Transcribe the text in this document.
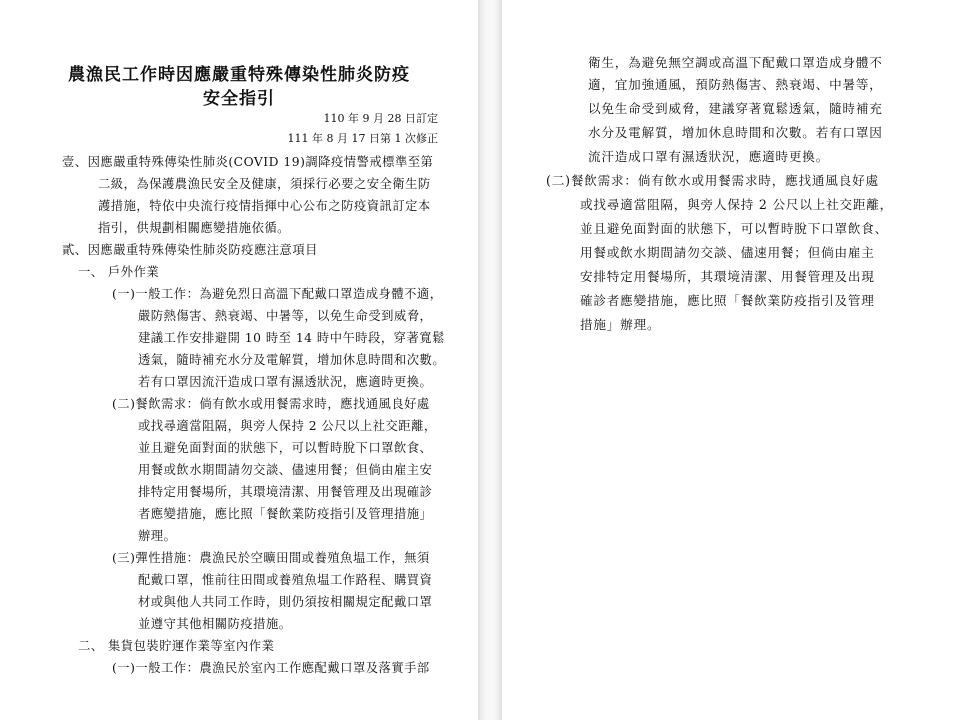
農漁民工作時因應嚴重特殊傳染性肺炎防疫
安全指引
110 年 9 月 28 日訂定
111 年 8 月 17 日第 1 次修正
壹、因應嚴重特殊傳染性肺炎(COVID 19)調降疫情警戒標準至第
二級，為保護農漁民安全及健康，須採行必要之安全衛生防
護措施，特依中央流行疫情指揮中心公布之防疫資訊訂定本
指引，供規劃相關應變措施依循。
貳、因應嚴重特殊傳染性肺炎防疫應注意項目
一、 戶外作業
(一)一般工作：為避免烈日高溫下配戴口罩造成身體不適，
嚴防熱傷害、熱衰竭、中暑等，以免生命受到威脅，
建議工作安排避開 10 時至 14 時中午時段，穿著寬鬆
透氣，隨時補充水分及電解質，增加休息時間和次數。
若有口罩因流汗造成口罩有濕透狀況，應適時更換。
(二)餐飲需求：倘有飲水或用餐需求時，應找通風良好處
或找尋適當阻隔，與旁人保持 2 公尺以上社交距離，
並且避免面對面的狀態下，可以暫時脫下口罩飲食、
用餐或飲水期間請勿交談、儘速用餐；但倘由雇主安
排特定用餐場所，其環境清潔、用餐管理及出現確診
者應變措施，應比照「餐飲業防疫指引及管理措施」
辦理。
(三)彈性措施：農漁民於空曠田間或養殖魚塭工作，無須
配戴口罩，惟前往田間或養殖魚塭工作路程、購買資
材或與他人共同工作時，則仍須按相關規定配戴口罩
並遵守其他相關防疫措施。
二、 集貨包裝貯運作業等室內作業
(一)一般工作：農漁民於室內工作應配戴口罩及落實手部
衛生，為避免無空調或高溫下配戴口罩造成身體不
適，宜加強通風，預防熱傷害、熱衰竭、中暑等，
以免生命受到威脅，建議穿著寬鬆透氣，隨時補充
水分及電解質，增加休息時間和次數。若有口罩因
流汗造成口罩有濕透狀況，應適時更換。
(二)餐飲需求：倘有飲水或用餐需求時，應找通風良好處
或找尋適當阻隔，與旁人保持 2 公尺以上社交距離，
並且避免面對面的狀態下，可以暫時脫下口罩飲食、
用餐或飲水期間請勿交談、儘速用餐；但倘由雇主
安排特定用餐場所，其環境清潔、用餐管理及出現
確診者應變措施，應比照「餐飲業防疫指引及管理
措施」辦理。
